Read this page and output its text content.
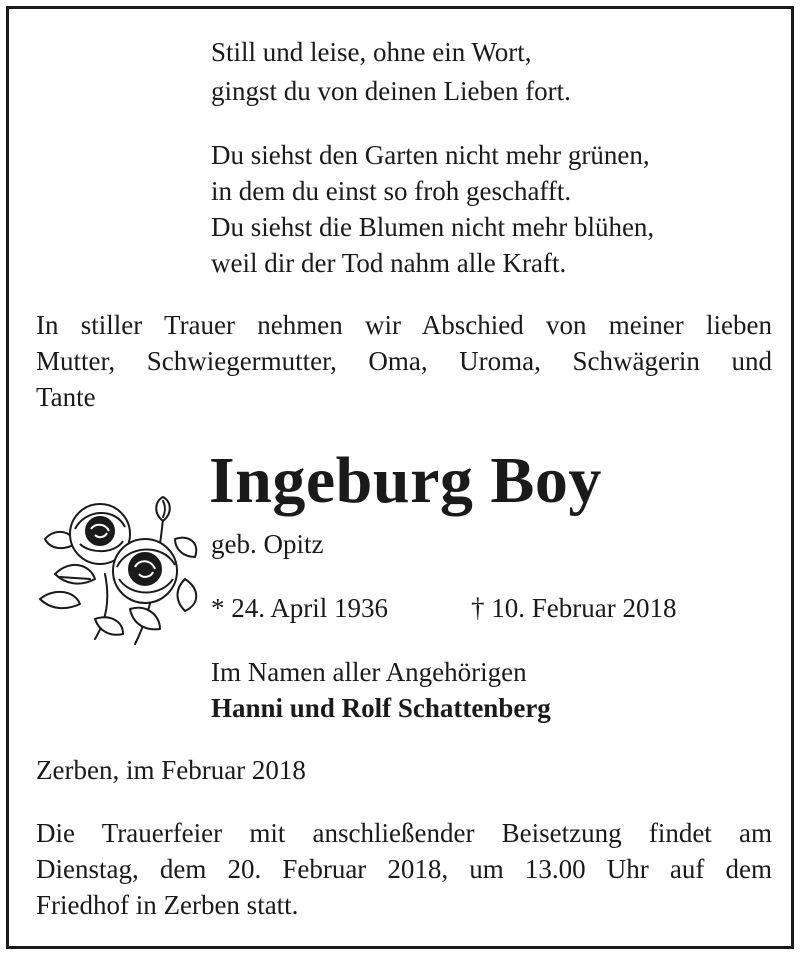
Still und leise, ohne ein Wort,
gingst du von deinen Lieben fort.
Du siehst den Garten nicht mehr grünen,
in dem du einst so froh geschafft.
Du siehst die Blumen nicht mehr blühen,
weil dir der Tod nahm alle Kraft.
In stiller Trauer nehmen wir Abschied von meiner lieben
Mutter, Schwiegermutter, Oma, Uroma, Schwägerin und
Tante
Ingeburg Boy
geb. Opitz
* 24. April 1936	† 10. Februar 2018
Im Namen aller Angehörigen
Hanni und Rolf Schattenberg
Zerben, im Februar 2018
Die Trauerfeier mit anschließender Beisetzung findet am
Dienstag, dem 20. Februar 2018, um 13.00 Uhr auf dem
Friedhof in Zerben statt.
